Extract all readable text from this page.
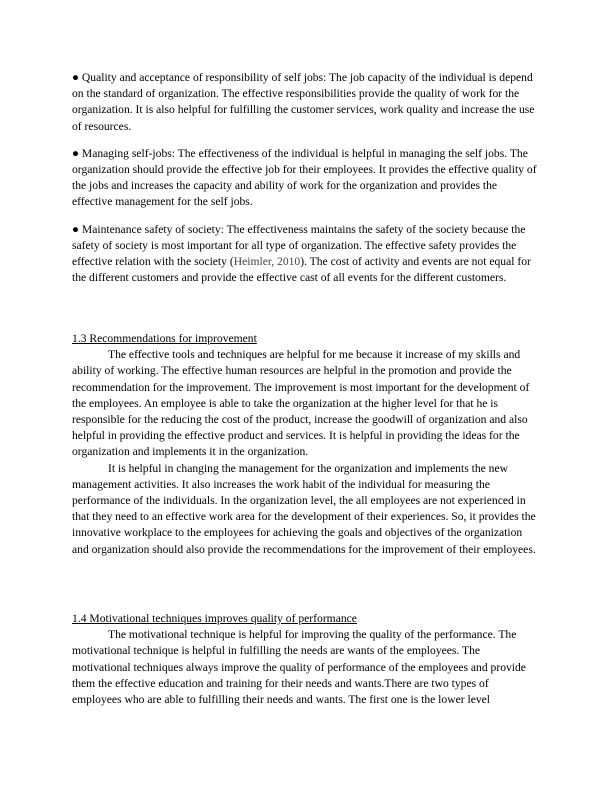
● Quality and acceptance of responsibility of self jobs: The job capacity of the individual is depend on the standard of organization. The effective responsibilities provide the quality of work for the organization. It is also helpful for fulfilling the customer services, work quality and increase the use of resources.

● Managing self-jobs: The effectiveness of the individual is helpful in managing the self jobs. The organization should provide the effective job for their employees. It provides the effective quality of the jobs and increases the capacity and ability of work for the organization and provides the effective management for the self jobs.

● Maintenance safety of society: The effectiveness maintains the safety of the society because the safety of society is most important for all type of organization. The effective safety provides the effective relation with the society (Heimler, 2010). The cost of activity and events are not equal for the different customers and provide the effective cast of all events for the different customers.

1.3 Recommendations for improvement

The effective tools and techniques are helpful for me because it increase of my skills and ability of working. The effective human resources are helpful in the promotion and provide the recommendation for the improvement. The improvement is most important for the development of the employees. An employee is able to take the organization at the higher level for that he is responsible for the reducing the cost of the product, increase the goodwill of organization and also helpful in providing the effective product and services. It is helpful in providing the ideas for the organization and implements it in the organization.

It is helpful in changing the management for the organization and implements the new management activities. It also increases the work habit of the individual for measuring the performance of the individuals. In the organization level, the all employees are not experienced in that they need to an effective work area for the development of their experiences. So, it provides the innovative workplace to the employees for achieving the goals and objectives of the organization and organization should also provide the recommendations for the improvement of their employees.

1.4 Motivational techniques improves quality of performance

The motivational technique is helpful for improving the quality of the performance. The motivational technique is helpful in fulfilling the needs are wants of the employees. The motivational techniques always improve the quality of performance of the employees and provide them the effective education and training for their needs and wants.There are two types of employees who are able to fulfilling their needs and wants. The first one is the lower level
